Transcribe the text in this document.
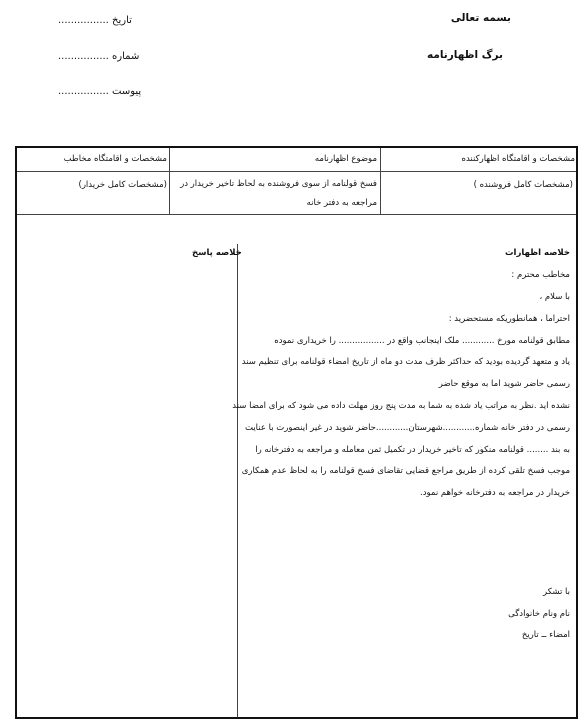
بسمه تعالی
برگ اظهارنامه
تاریخ ................
شماره ................
پیوست ................
مشخصات و اقامتگاه اظهارکننده
موضوع اظهارنامه
مشخصات و اقامتگاه مخاطب
(مشخصات کامل فروشنده )
فسخ قولنامه از سوی فروشنده به لحاظ تاخیر خریدار در
مراجعه به دفتر خانه
(مشخصات کامل خریدار)
خلاصه اظهارات
مخاطب محترم :
با سلام ،
احتراما ، همانطوریکه مستحضرید :
مطابق قولنامه مورخ ............ ملک اینجانب واقع در ................. را خریداری نموده
یاد و متعهد گردیده بودید که حداکثر ظرف مدت دو ماه از تاریخ امضاء قولنامه برای تنظیم سند
رسمی حاضر شوید اما به موقع حاضر
نشده اید .نظر به مراتب یاد شده به شما به مدت پنج روز مهلت داده می شود که برای امضا سند
رسمی در دفتر خانه شماره............شهرستان............حاضر شوید در غیر اینصورت با عنایت
به بند ........ قولنامه منکور که تاخیر خریدار در تکمیل ثمن معامله و مراجعه به دفترخانه را
موجب فسخ تلقی کرده از طریق مراجع قضایی تقاضای فسخ قولنامه را به لحاظ عدم همکاری
خریدار در مراجعه به دفترخانه خواهم نمود.
با تشکر
نام ونام خانوادگی
امضاء ــ تاریخ
خلاصه پاسخ
